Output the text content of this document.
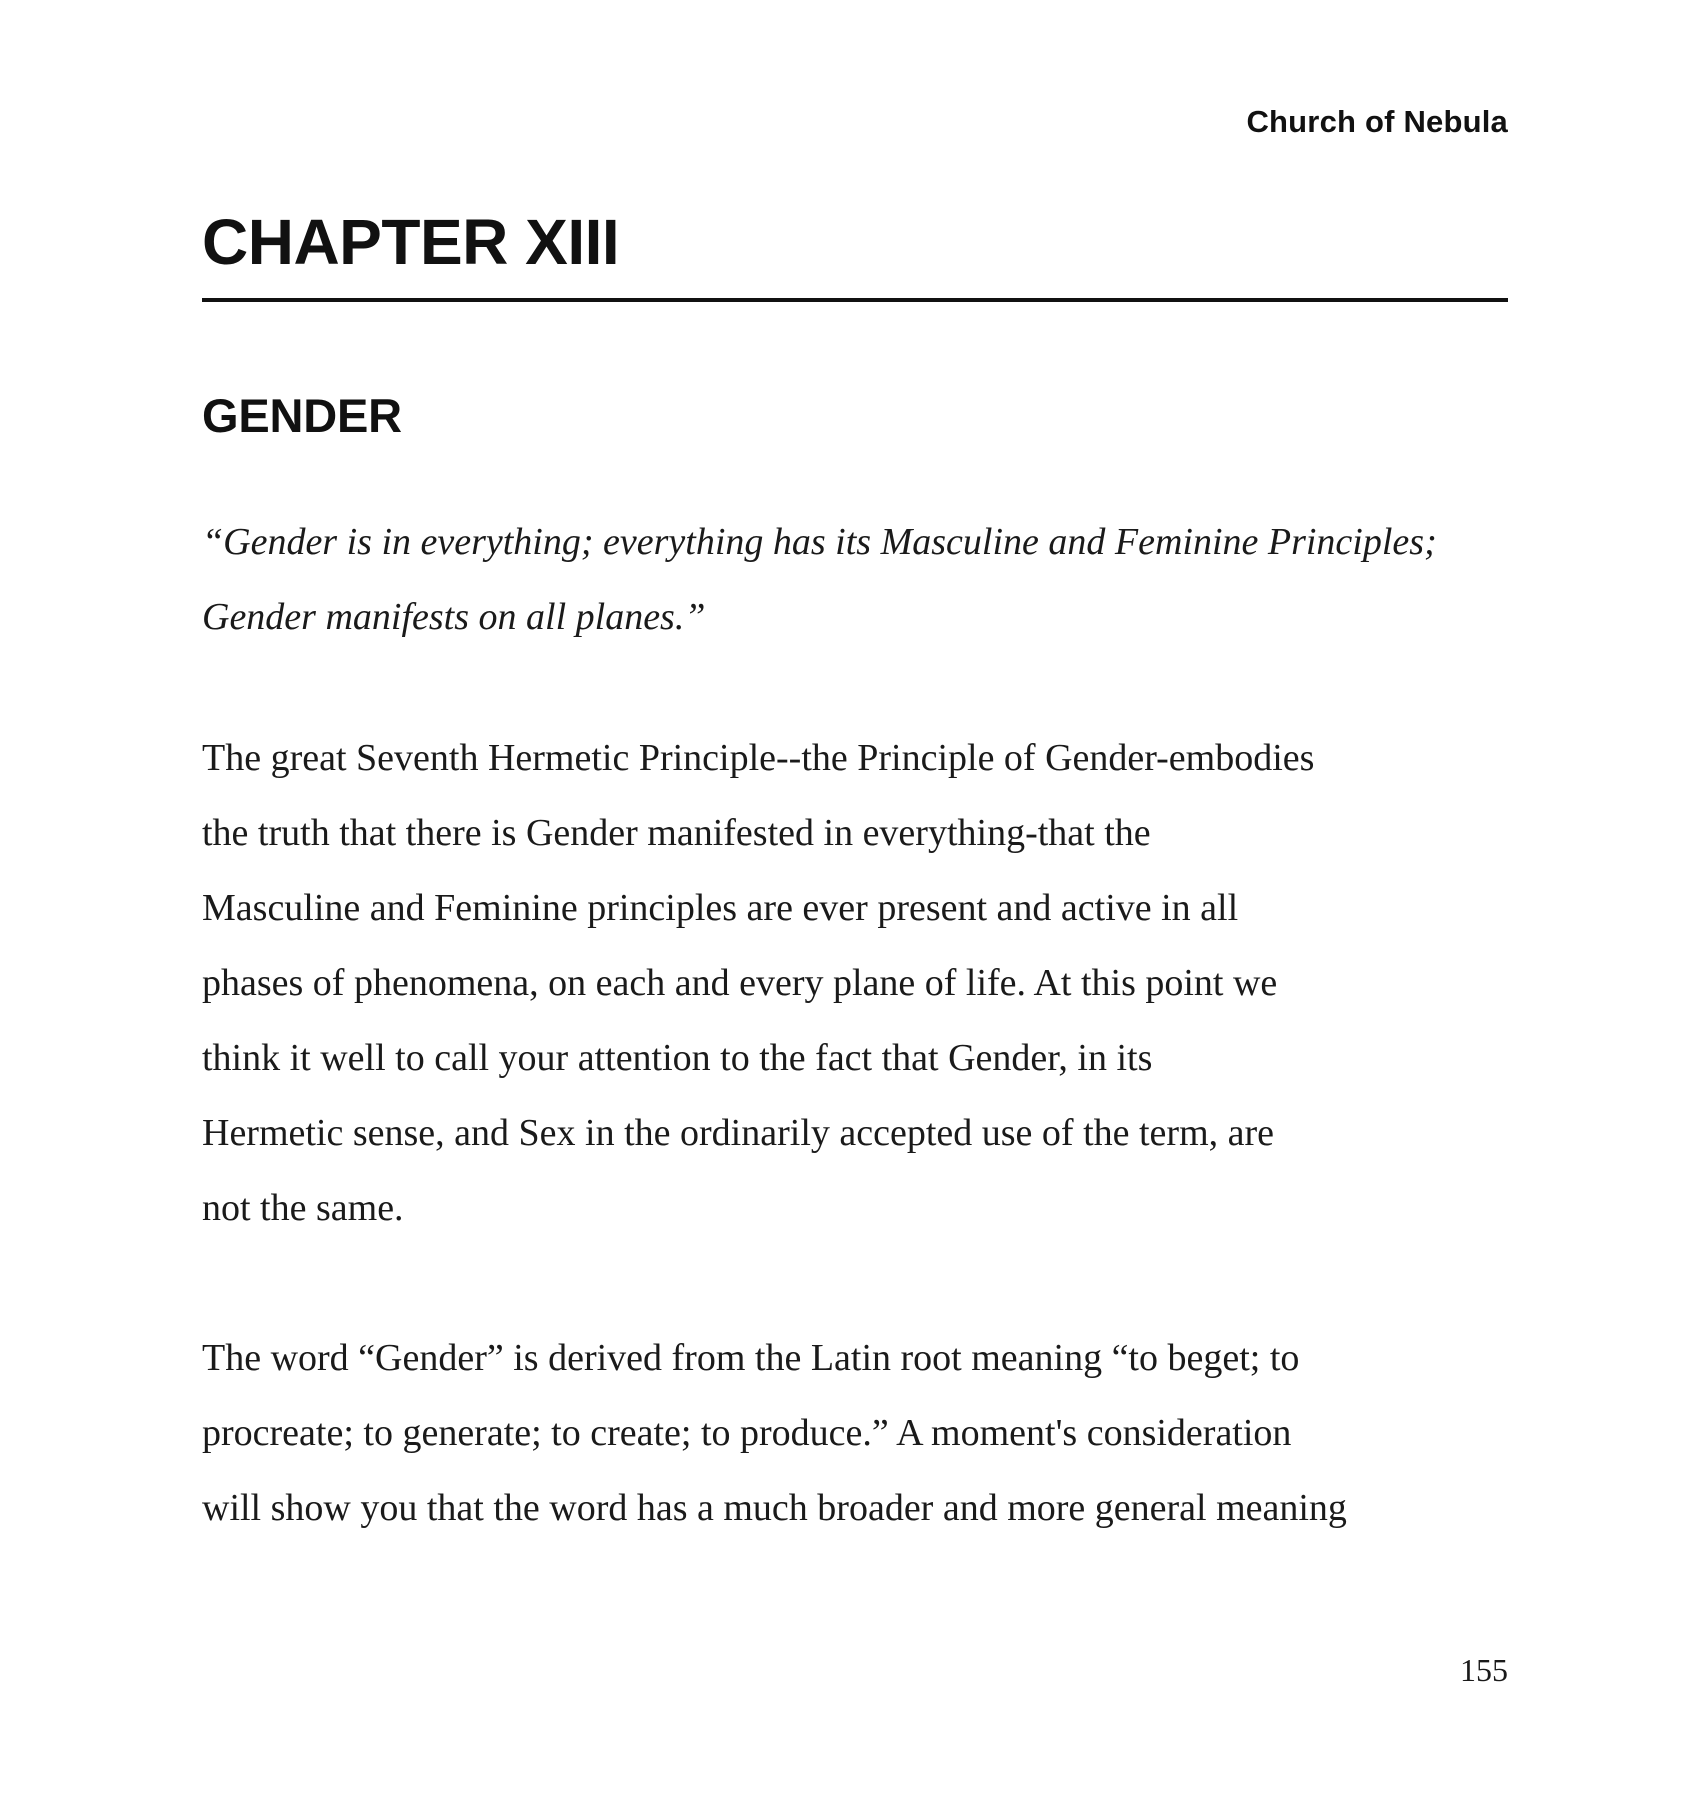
Church of Nebula
CHAPTER XIII
GENDER
“Gender is in everything; everything has its Masculine and Feminine Principles;
Gender manifests on all planes.”
The great Seventh Hermetic Principle--the Principle of Gender-embodies
the truth that there is Gender manifested in everything-that the
Masculine and Feminine principles are ever present and active in all
phases of phenomena, on each and every plane of life. At this point we
think it well to call your attention to the fact that Gender, in its
Hermetic sense, and Sex in the ordinarily accepted use of the term, are
not the same.
The word “Gender” is derived from the Latin root meaning “to beget; to
procreate; to generate; to create; to produce.” A moment's consideration
will show you that the word has a much broader and more general meaning
155
